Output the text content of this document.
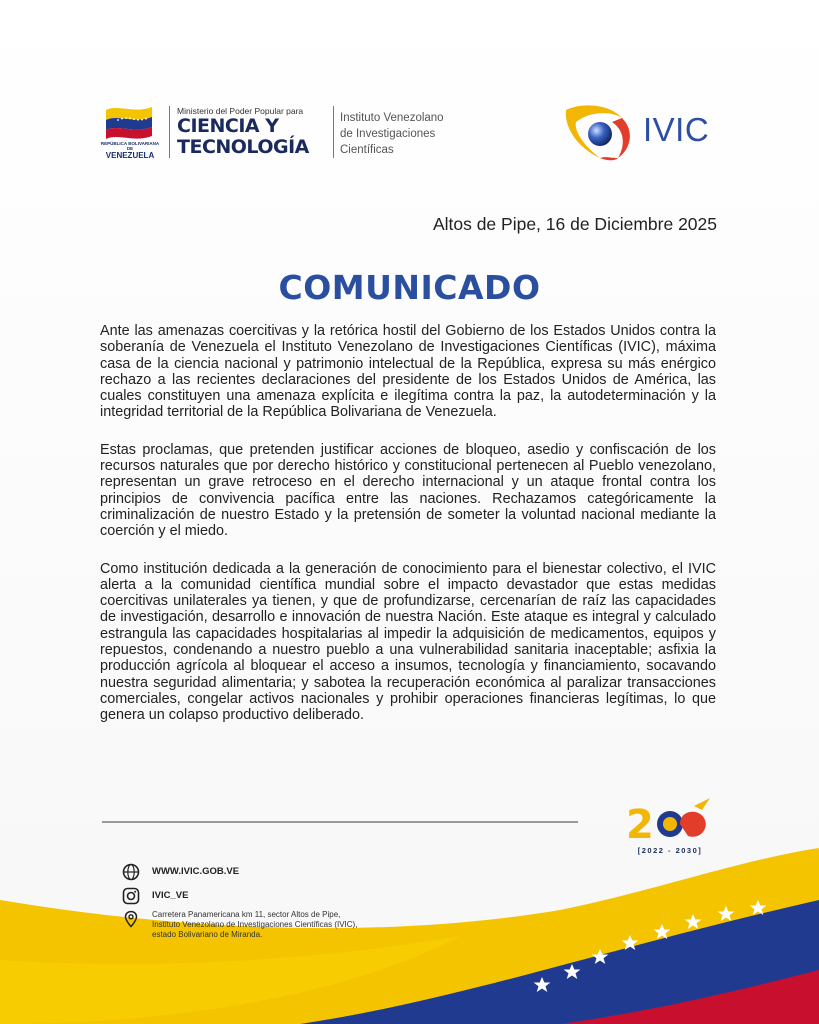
REPÚBLICA BOLIVARIANA DE
VENEZUELA
Ministerio del Poder Popular para
CIENCIA Y
TECNOLOGÍA
Instituto Venezolano
de Investigaciones
Científicas
IVIC
Altos de Pipe, 16 de Diciembre 2025
COMUNICADO

Ante las amenazas coercitivas y la retórica hostil del Gobierno de los Estados Unidos contra la soberanía de Venezuela el Instituto Venezolano de Investigaciones Científicas (IVIC), máxima casa de la ciencia nacional y patrimonio intelectual de la República, expresa su más enérgico rechazo a las recientes declaraciones del presidente de los Estados Unidos de América, las cuales constituyen una amenaza explícita e ilegítima contra la paz, la autodeterminación y la integridad territorial de la República Bolivariana de Venezuela.

Estas proclamas, que pretenden justificar acciones de bloqueo, asedio y confiscación de los recursos naturales que por derecho histórico y constitucional pertenecen al Pueblo venezolano, representan un grave retroceso en el derecho internacional y un ataque frontal contra los principios de convivencia pacífica entre las naciones. Rechazamos categóricamente la criminalización de nuestro Estado y la pretensión de someter la voluntad nacional mediante la coerción y el miedo.

Como institución dedicada a la generación de conocimiento para el bienestar colectivo, el IVIC alerta a la comunidad científica mundial sobre el impacto devastador que estas medidas coercitivas unilaterales ya tienen, y que de profundizarse, cercenarían de raíz las capacidades de investigación, desarrollo e innovación de nuestra Nación. Este ataque es integral y calculado estrangula las capacidades hospitalarias al impedir la adquisición de medicamentos, equipos y repuestos, condenando a nuestro pueblo a una vulnerabilidad sanitaria inaceptable; asfixia la producción agrícola al bloquear el acceso a insumos, tecnología y financiamiento, socavando nuestra seguridad alimentaria; y sabotea la recuperación económica al paralizar transacciones comerciales, congelar activos nacionales y prohibir operaciones financieras legítimas, lo que genera un colapso productivo deliberado.

2
[2022 - 2030]
WWW.IVIC.GOB.VE
IVIC_VE
Carretera Panamericana km 11, sector Altos de Pipe, Instituto Venezolano de Investigaciones Científicas (IVIC), estado Bolivariano de Miranda.
